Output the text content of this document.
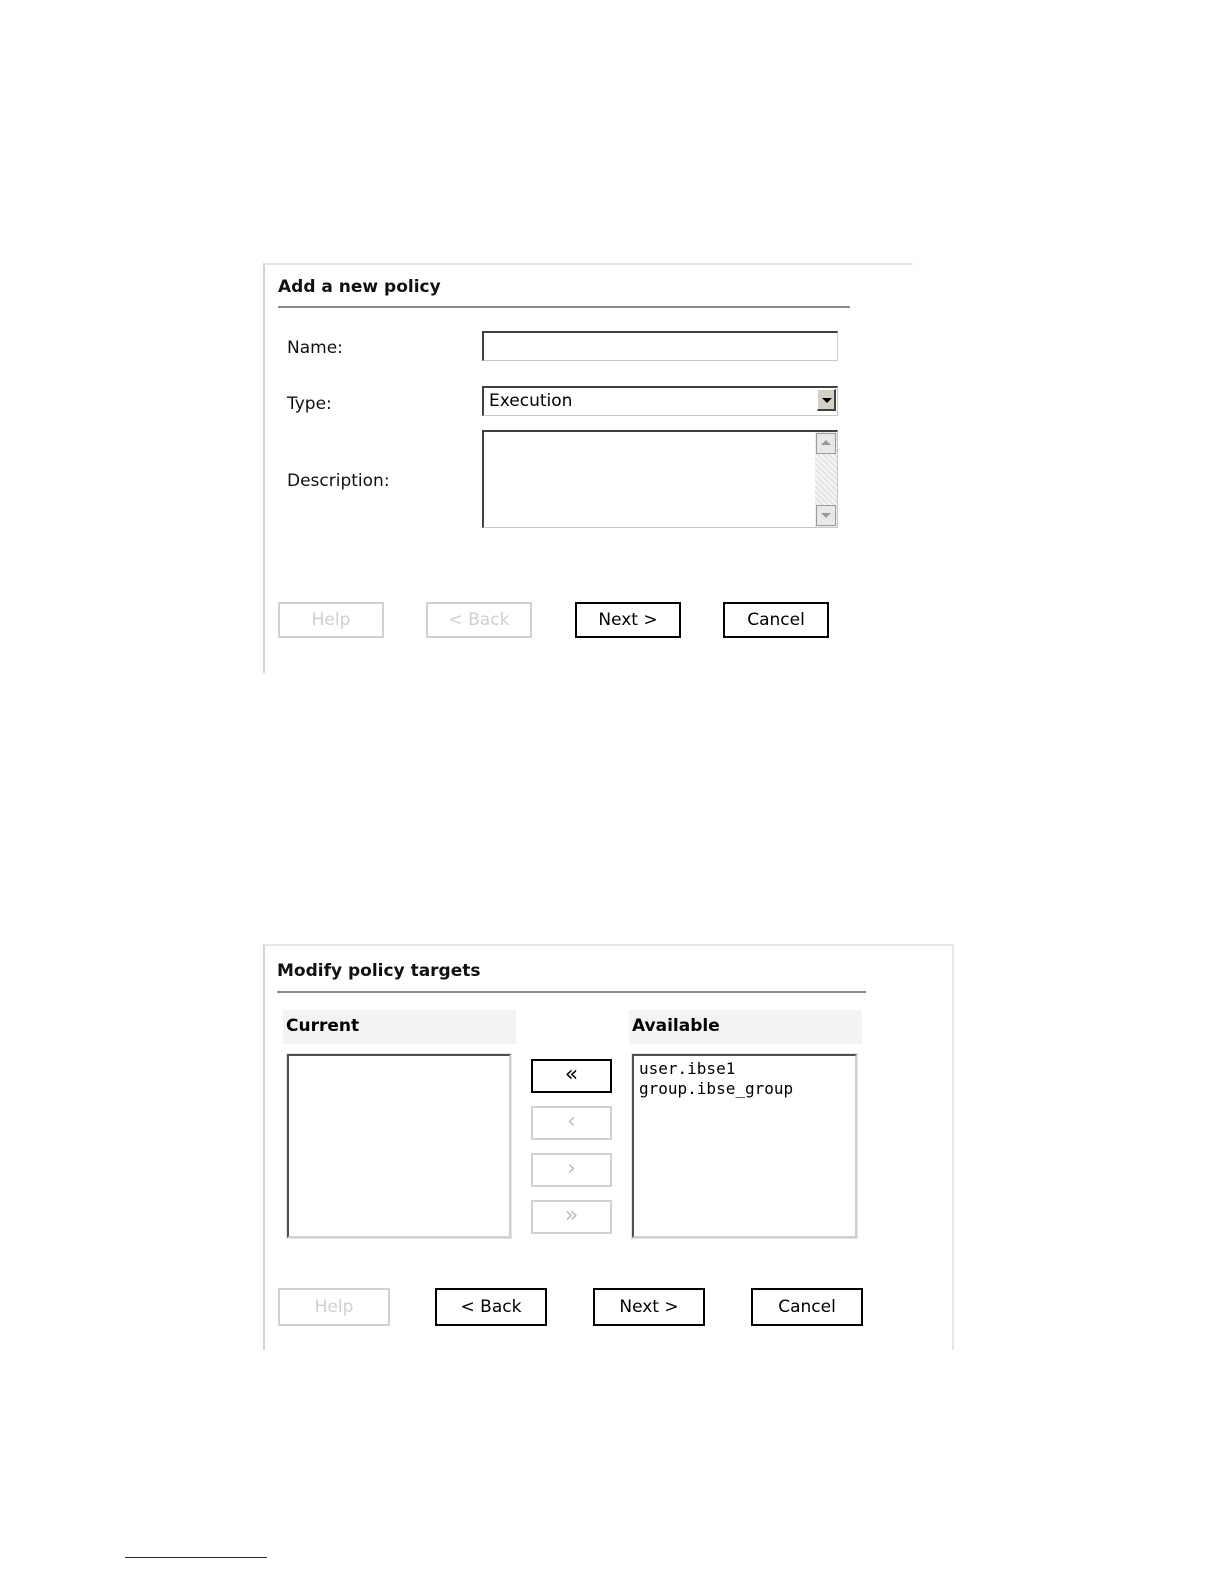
Add a new policy
Name:
Type:	Execution
Description:
Help	< Back	Next >	Cancel
Modify policy targets
Current	Available
user.ibse1
group.ibse_group
«
‹
›
»
Help	< Back	Next >	Cancel
